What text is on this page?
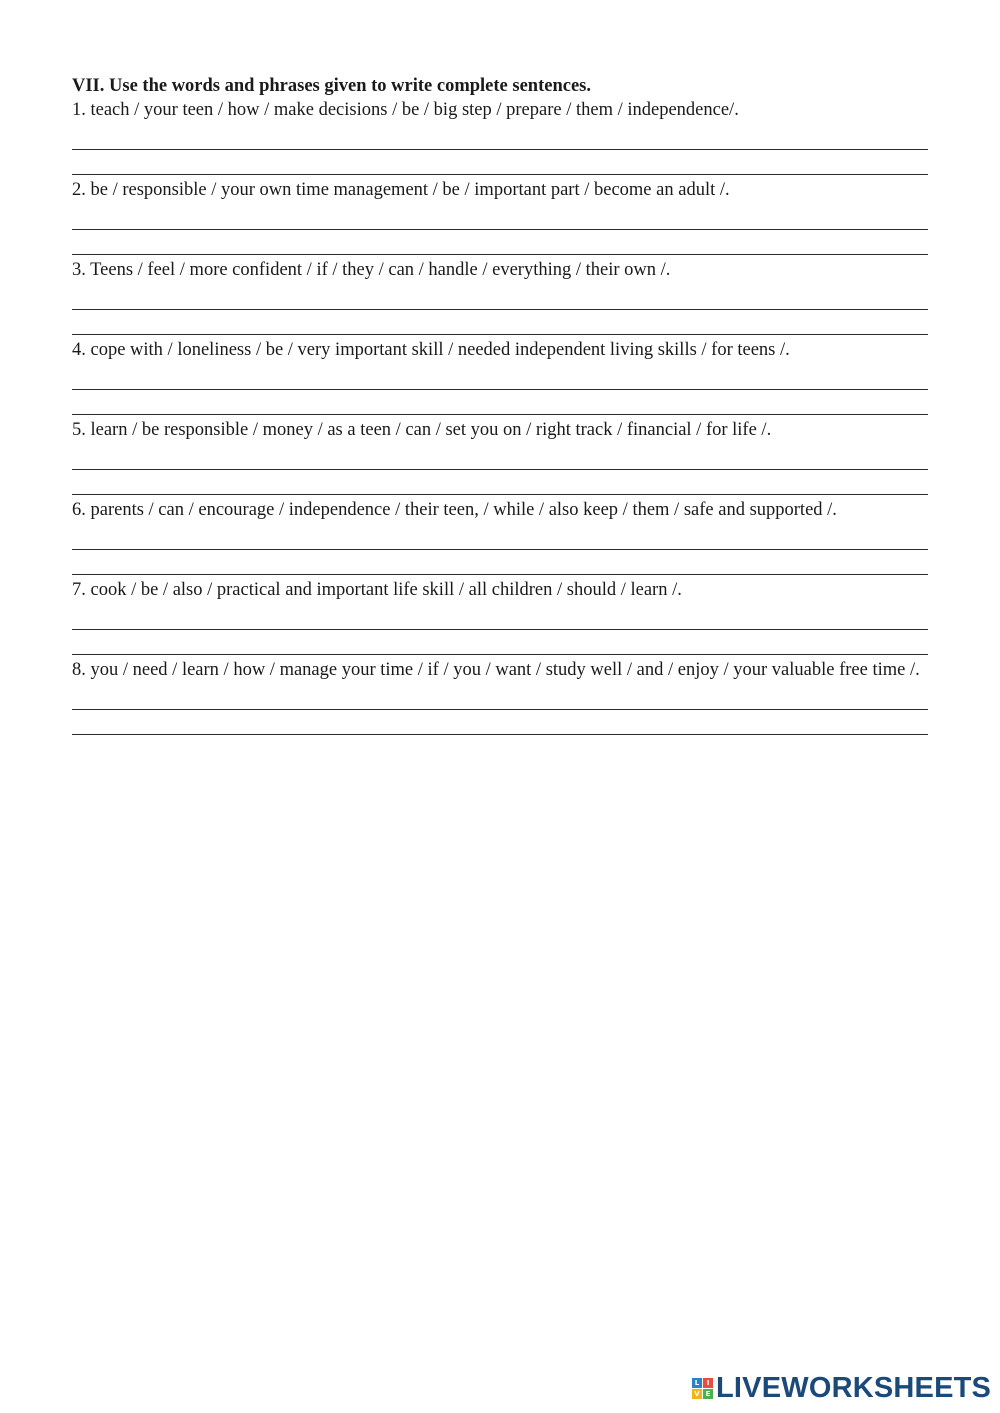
VII. Use the words and phrases given to write complete sentences.

1. teach / your teen / how / make decisions / be / big step / prepare / them / independence/.

2. be / responsible / your own time management / be / important part / become an adult /.

3. Teens / feel / more confident / if / they / can / handle / everything / their own /.

4. cope with / loneliness / be / very important skill / needed independent living skills / for teens /.

5. learn / be responsible / money / as a teen / can / set you on / right track / financial / for life /.

6. parents / can / encourage / independence / their teen, / while / also keep / them / safe and supported /.

7. cook / be / also / practical and important life skill / all children / should / learn /.

8. you / need / learn / how / manage your time / if / you / want / study well / and / enjoy / your valuable free time /.

L	I
V E LIVEWORKSHEETS
